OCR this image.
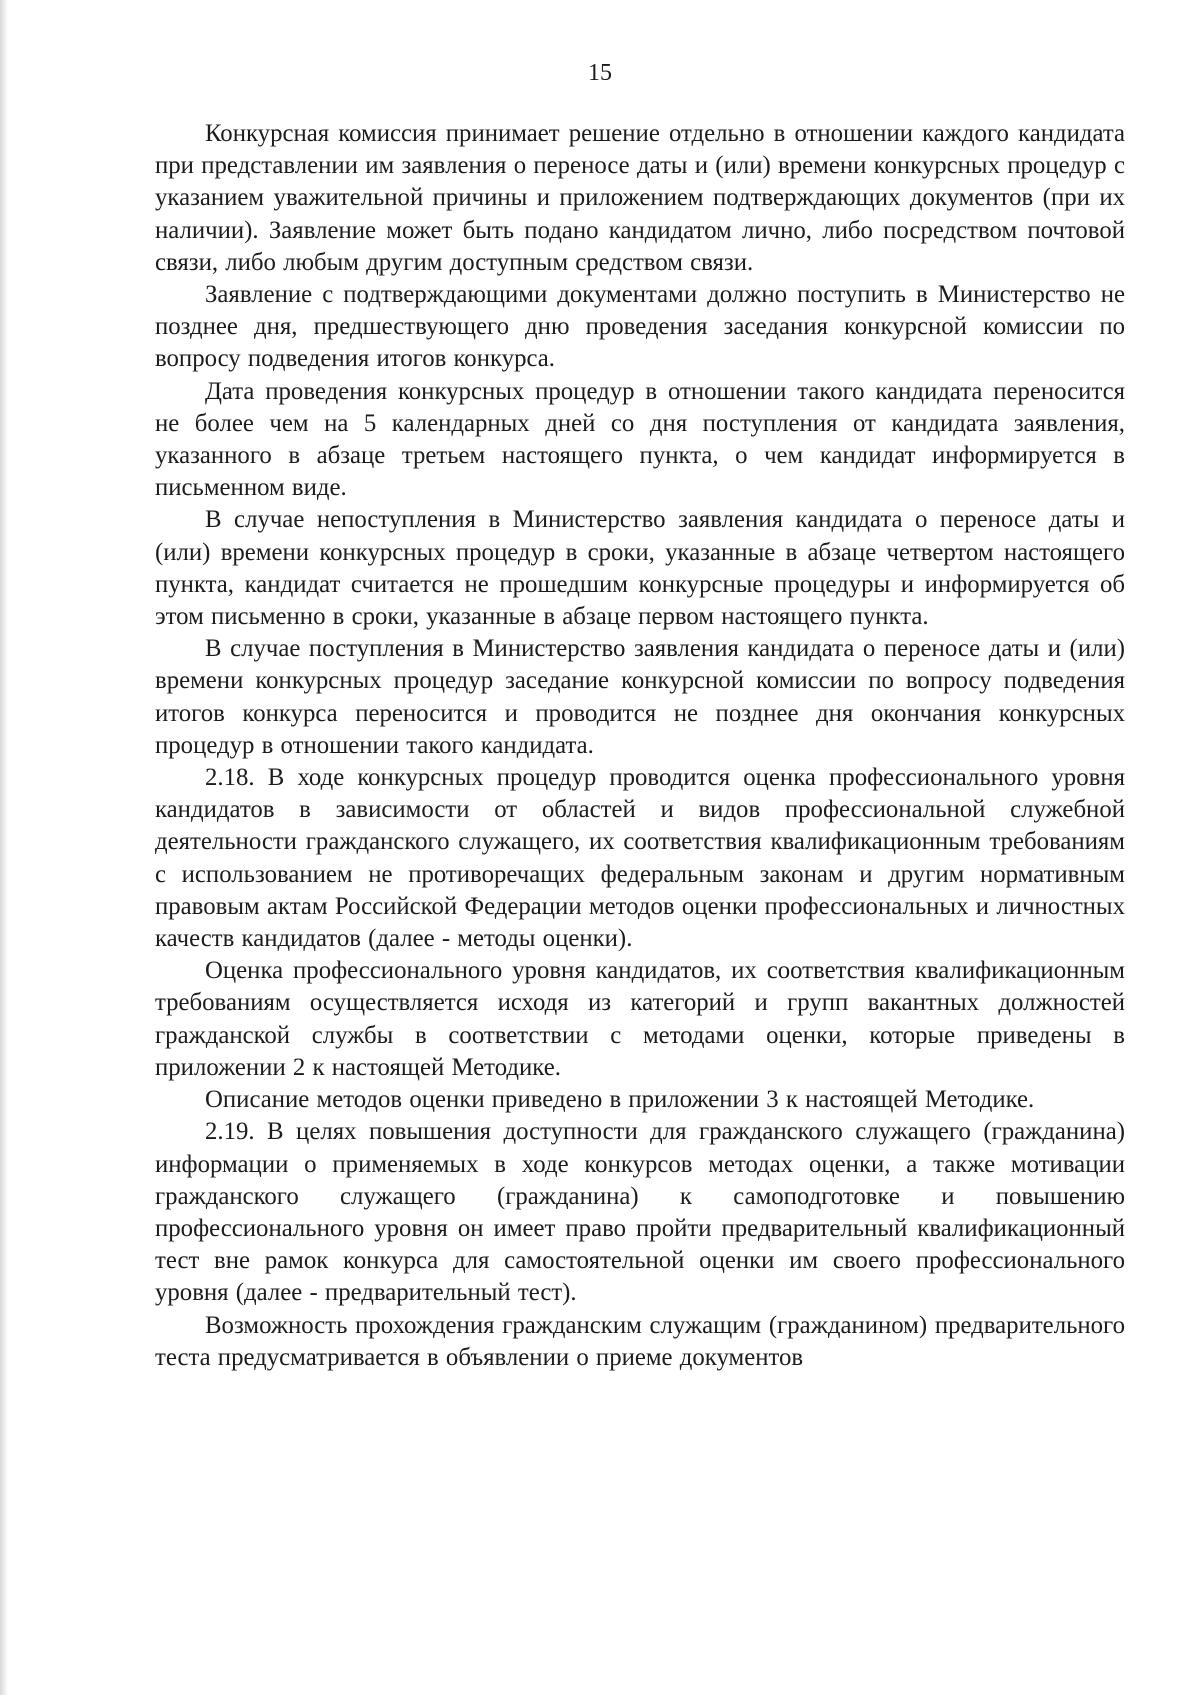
15

Конкурсная комиссия принимает решение отдельно в отношении каждого кандидата при представлении им заявления о переносе даты и (или) времени конкурсных процедур с указанием уважительной причины и приложением подтверждающих документов (при их наличии). Заявление может быть подано кандидатом лично, либо посредством почтовой связи, либо любым другим доступным средством связи.

Заявление с подтверждающими документами должно поступить в Министерство не позднее дня, предшествующего дню проведения заседания конкурсной комиссии по вопросу подведения итогов конкурса.

Дата проведения конкурсных процедур в отношении такого кандидата переносится не более чем на 5 календарных дней со дня поступления от кандидата заявления, указанного в абзаце третьем настоящего пункта, о чем кандидат информируется в письменном виде.

В случае непоступления в Министерство заявления кандидата о переносе даты и (или) времени конкурсных процедур в сроки, указанные в абзаце четвертом настоящего пункта, кандидат считается не прошедшим конкурсные процедуры и информируется об этом письменно в сроки, указанные в абзаце первом настоящего пункта.

В случае поступления в Министерство заявления кандидата о переносе даты и (или) времени конкурсных процедур заседание конкурсной комиссии по вопросу подведения итогов конкурса переносится и проводится не позднее дня окончания конкурсных процедур в отношении такого кандидата.

2.18. В ходе конкурсных процедур проводится оценка профессионального уровня кандидатов в зависимости от областей и видов профессиональной служебной деятельности гражданского служащего, их соответствия квалификационным требованиям с использованием не противоречащих федеральным законам и другим нормативным правовым актам Российской Федерации методов оценки профессиональных и личностных качеств кандидатов (далее - методы оценки).

Оценка профессионального уровня кандидатов, их соответствия квалификационным требованиям осуществляется исходя из категорий и групп вакантных должностей гражданской службы в соответствии с методами оценки, которые приведены в приложении 2 к настоящей Методике.

Описание методов оценки приведено в приложении 3 к настоящей Методике.

2.19. В целях повышения доступности для гражданского служащего (гражданина) информации о применяемых в ходе конкурсов методах оценки, а также мотивации гражданского служащего (гражданина) к самоподготовке и повышению профессионального уровня он имеет право пройти предварительный квалификационный тест вне рамок конкурса для самостоятельной оценки им своего профессионального уровня (далее - предварительный тест).

Возможность прохождения гражданским служащим (гражданином) предварительного теста предусматривается в объявлении о приеме документов
